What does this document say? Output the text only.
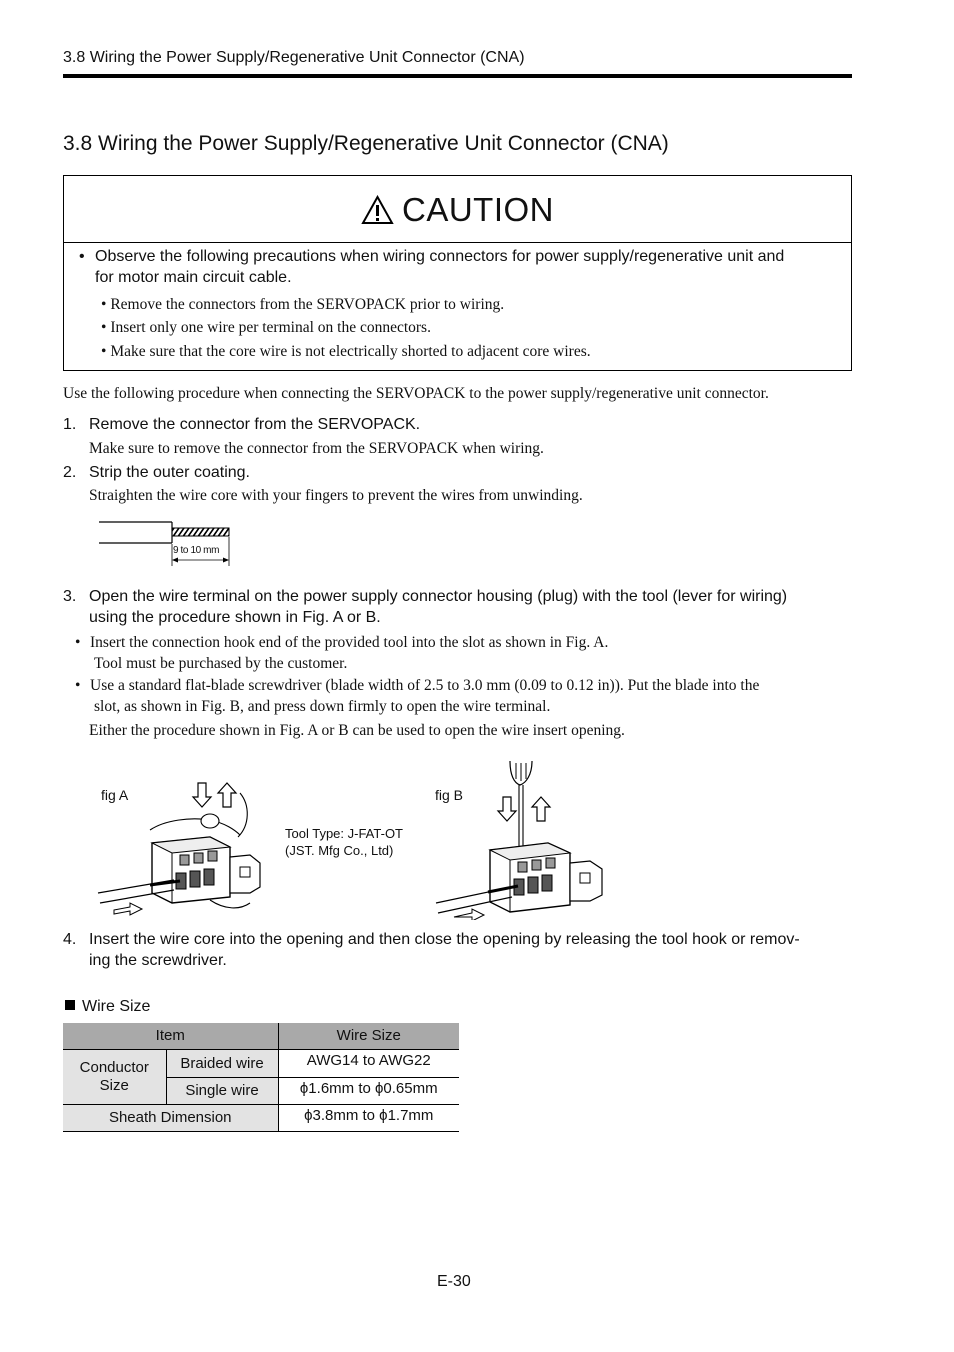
3.8 Wiring the Power Supply/Regenerative Unit Connector (CNA)
3.8 Wiring the Power Supply/Regenerative Unit Connector (CNA)
CAUTION
• Observe the following precautions when wiring connectors for power supply/regenerative unit and
for motor main circuit cable.
• Remove the connectors from the SERVOPACK prior to wiring.
• Insert only one wire per terminal on the connectors.
• Make sure that the core wire is not electrically shorted to adjacent core wires.
Use the following procedure when connecting the SERVOPACK to the power supply/regenerative unit connector.
1. Remove the connector from the SERVOPACK.
Make sure to remove the connector from the SERVOPACK when wiring.
2. Strip the outer coating.
Straighten the wire core with your fingers to prevent the wires from unwinding.
9 to 10 mm
3. Open the wire terminal on the power supply connector housing (plug) with the tool (lever for wiring)
using the procedure shown in Fig. A or B.
• Insert the connection hook end of the provided tool into the slot as shown in Fig. A.
Tool must be purchased by the customer.
• Use a standard flat-blade screwdriver (blade width of 2.5 to 3.0 mm (0.09 to 0.12 in)). Put the blade into the
slot, as shown in Fig. B, and press down firmly to open the wire terminal.
Either the procedure shown in Fig. A or B can be used to open the wire insert opening.
fig A
Tool Type: J-FAT-OT
(JST. Mfg Co., Ltd)
fig B
4. Insert the wire core into the opening and then close the opening by releasing the tool hook or remov-
ing the screwdriver.
Wire Size
Item		Wire Size

Conductor
Size	Braided wire	AWG14 to AWG22
	Single wire	ϕ1.6mm to ϕ0.65mm
Sheath Dimension		ϕ3.8mm to ϕ1.7mm
E-30
